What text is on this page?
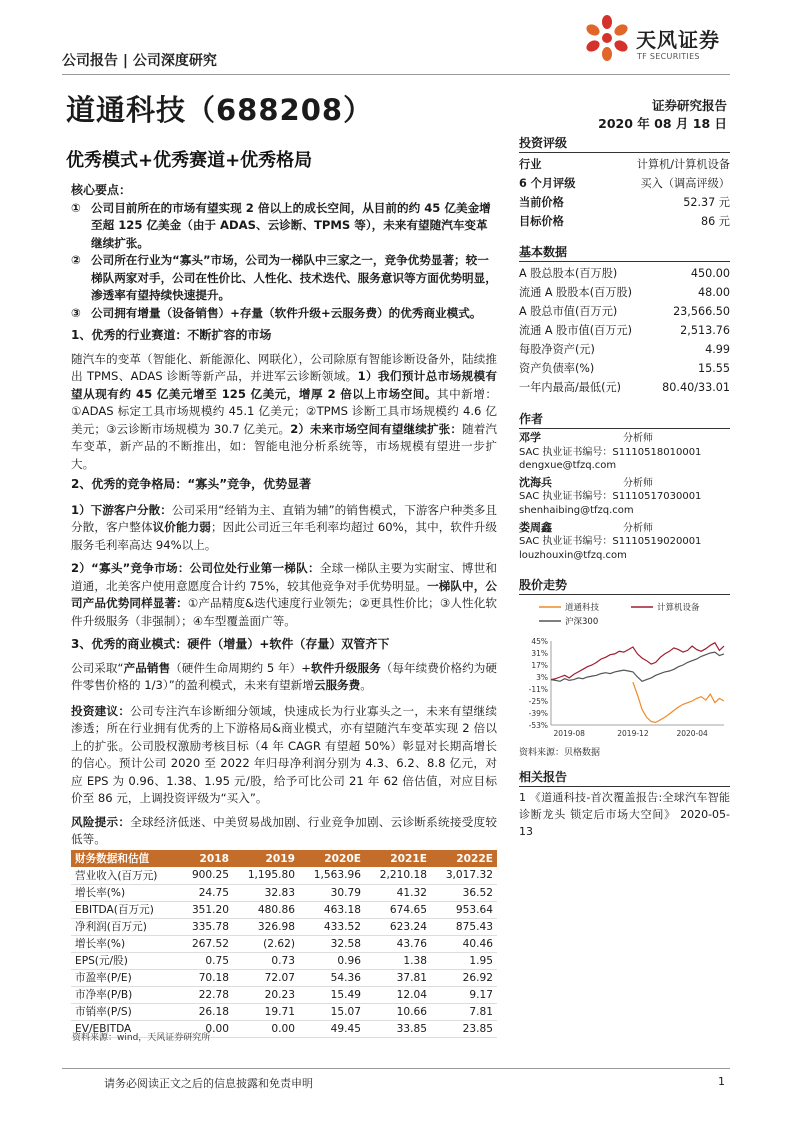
公司报告 | 公司深度研究
天风证券
TF SECURITIES
道通科技（688208）	证券研究报告
2020 年 08 月 18 日
优秀模式+优秀赛道+优秀格局
投资评级
行业	计算机/计算机设备
6 个月评级	买入（调高评级）
当前价格	52.37 元
目标价格	86 元
基本数据
A 股总股本(百万股)	450.00
流通 A 股股本(百万股)	48.00
A 股总市值(百万元)	23,566.50
流通 A 股市值(百万元)	2,513.76
每股净资产(元)	4.99
资产负债率(%)	15.55
一年内最高/最低(元)	80.40/33.01
作者
邓学	分析师
SAC 执业证书编号：S1110518010001
dengxue@tfzq.com
沈海兵	分析师
SAC 执业证书编号：S1110517030001
shenhaibing@tfzq.com
娄周鑫	分析师
SAC 执业证书编号：S1110519020001
louzhouxin@tfzq.com
股价走势
道通科技	计算机设备
沪深300
45%
31%
17%
3%
-11%
-25%
-39%
-53%
2019-08	2019-12	2020-04
资料来源：贝格数据
相关报告
1 《道通科技-首次覆盖报告:全球汽车智能诊断龙头 锁定后市场大空间》 2020-05-13
核心要点：
① 公司目前所在的市场有望实现 2 倍以上的成长空间，从目前的约 45 亿美金增至超 125 亿美金（由于 ADAS、云诊断、TPMS 等），未来有望随汽车变革继续扩张。
② 公司所在行业为“寡头”市场，公司为一梯队中三家之一，竞争优势显著；较一梯队两家对手，公司在性价比、人性化、技术迭代、服务意识等方面优势明显，渗透率有望持续快速提升。
③ 公司拥有增量（设备销售）+存量（软件升级+云服务费）的优秀商业模式。
1、优秀的行业赛道：不断扩容的市场

随汽车的变革（智能化、新能源化、网联化），公司除原有智能诊断设备外，陆续推出 TPMS、ADAS 诊断等新产品，并进军云诊断领域。1）我们预计总市场规模有望从现有约 45 亿美元增至 125 亿美元，增厚 2 倍以上市场空间。其中新增：①ADAS 标定工具市场规模约 45.1 亿美元；②TPMS 诊断工具市场规模约 4.6 亿美元；③云诊断市场规模为 30.7 亿美元。2）未来市场空间有望继续扩张：随着汽车变革，新产品的不断推出，如：智能电池分析系统等，市场规模有望进一步扩大。

2、优秀的竞争格局：“寡头”竞争，优势显著

1）下游客户分散：公司采用“经销为主、直销为辅”的销售模式，下游客户种类多且分散，客户整体议价能力弱；因此公司近三年毛利率均超过 60%，其中，软件升级服务毛利率高达 94%以上。

2）“寡头”竞争市场：公司位处行业第一梯队：全球一梯队主要为实耐宝、博世和道通，北美客户使用意愿度合计约 75%，较其他竞争对手优势明显。一梯队中，公司产品优势同样显著：①产品精度&迭代速度行业领先；②更具性价比；③人性化软件升级服务（非强制）；④车型覆盖面广等。

3、优秀的商业模式：硬件（增量）+软件（存量）双管齐下

公司采取“产品销售（硬件生命周期约 5 年）+软件升级服务（每年续费价格约为硬件零售价格的 1/3）”的盈利模式，未来有望新增云服务费。

投资建议：公司专注汽车诊断细分领域，快速成长为行业寡头之一，未来有望继续渗透；所在行业拥有优秀的上下游格局&商业模式，亦有望随汽车变革实现 2 倍以上的扩张。公司股权激励考核目标（4 年 CAGR 有望超 50%）彰显对长期高增长的信心。预计公司 2020 至 2022 年归母净利润分别为 4.3、6.2、8.8 亿元，对应 EPS 为 0.96、1.38、1.95 元/股，给予可比公司 21 年 62 倍估值，对应目标价至 86 元，上调投资评级为“买入”。

风险提示：全球经济低迷、中美贸易战加剧、行业竞争加剧、云诊断系统接受度较低等。

财务数据和估值	2018	2019	2020E	2021E	2022E
营业收入(百万元)	900.25	1,195.80	1,563.96	2,210.18	3,017.32
增长率(%)	24.75	32.83	30.79	41.32	36.52
EBITDA(百万元)	351.20	480.86	463.18	674.65	953.64
净利润(百万元)	335.78	326.98	433.52	623.24	875.43
增长率(%)	267.52	(2.62)	32.58	43.76	40.46
EPS(元/股)	0.75	0.73	0.96	1.38	1.95
市盈率(P/E)	70.18	72.07	54.36	37.81	26.92
市净率(P/B)	22.78	20.23	15.49	12.04	9.17
市销率(P/S)	26.18	19.71	15.07	10.66	7.81
EV/EBITDA	0.00	0.00	49.45	33.85	23.85
资料来源：wind，天风证券研究所
请务必阅读正文之后的信息披露和免责申明	1
